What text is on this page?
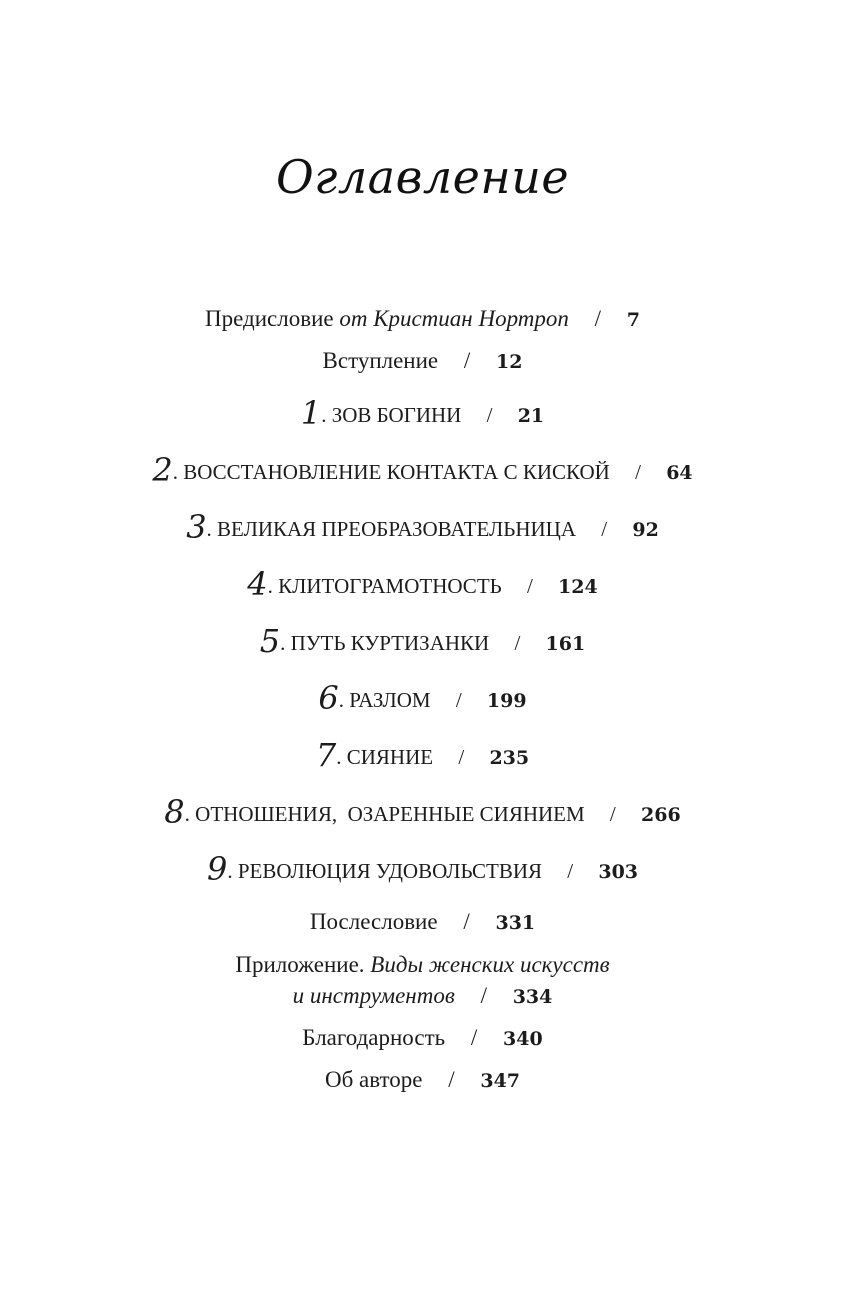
Оглавление
Предисловие от Кристиан Нортроп / 7
Вступление / 12
1. ЗОВ БОГИНИ / 21
2. ВОССТАНОВЛЕНИЕ КОНТАКТА С КИСКОЙ / 64
3. ВЕЛИКАЯ ПРЕОБРАЗОВАТЕЛЬНИЦА / 92
4. КЛИТОГРАМОТНОСТЬ / 124
5. ПУТЬ КУРТИЗАНКИ / 161
6. РАЗЛОМ / 199
7. СИЯНИЕ / 235
8. ОТНОШЕНИЯ,  ОЗАРЕННЫЕ СИЯНИЕМ / 266
9. РЕВОЛЮЦИЯ УДОВОЛЬСТВИЯ / 303
Послесловие / 331
Приложение. Виды женских искусств
и инструментов / 334
Благодарность / 340
Об авторе / 347
